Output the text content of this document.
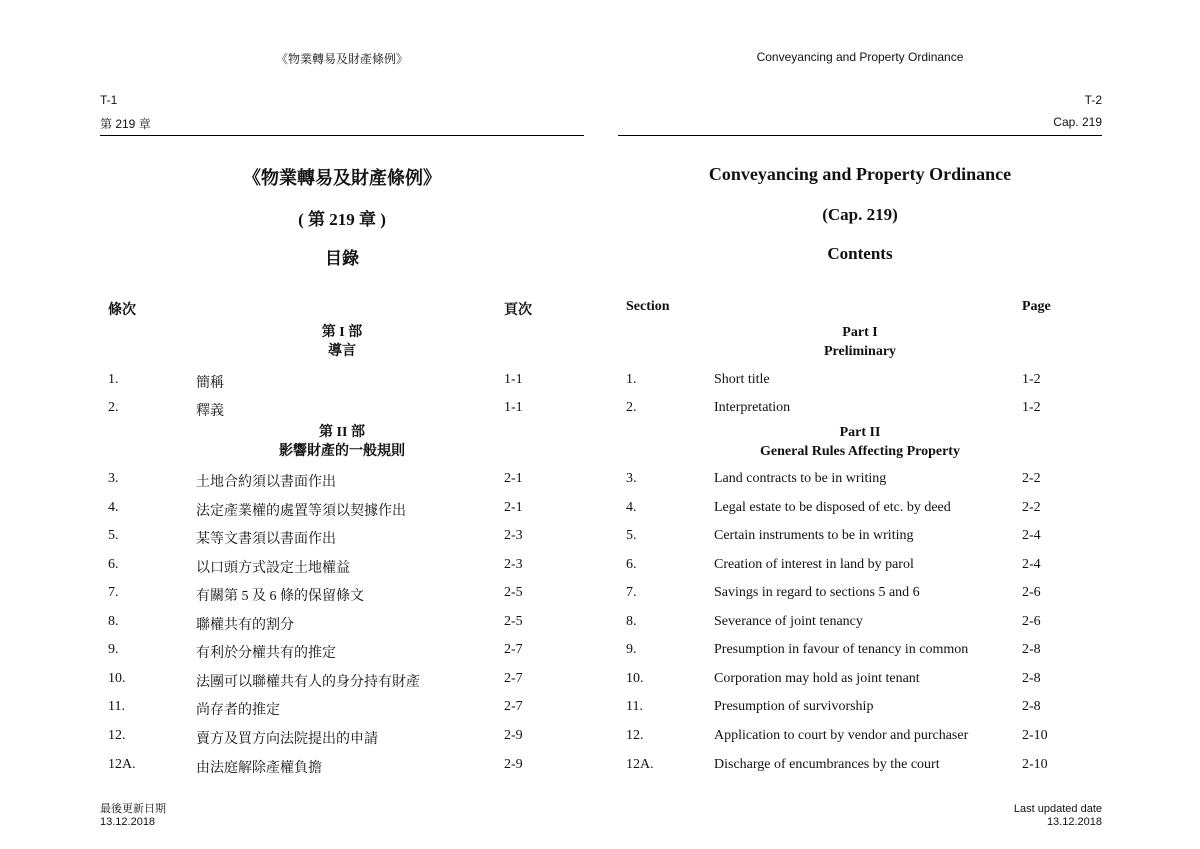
《物業轉易及財產條例》
T-1
第 219 章
《物業轉易及財產條例》
( 第 219 章 )
目錄
條次	頁次
第 I 部
導言
1.	簡稱	1-1
2.	釋義	1-1
第 II 部
影響財產的一般規則
3.	土地合約須以書面作出	2-1
4.	法定產業權的處置等須以契據作出	2-1
5.	某等文書須以書面作出	2-3
6.	以口頭方式設定土地權益	2-3
7.	有關第 5 及 6 條的保留條文	2-5
8.	聯權共有的割分	2-5
9.	有利於分權共有的推定	2-7
10.	法團可以聯權共有人的身分持有財產	2-7
11.	尚存者的推定	2-7
12.	賣方及買方向法院提出的申請	2-9
12A.	由法庭解除產權負擔	2-9
最後更新日期
13.12.2018
Conveyancing and Property Ordinance
T-2
Cap. 219
Conveyancing and Property Ordinance
(Cap. 219)
Contents
Section	Page
Part I
Preliminary
1.	Short title	1-2
2.	Interpretation	1-2
Part II
General Rules Affecting Property
3.	Land contracts to be in writing	2-2
4.	Legal estate to be disposed of etc. by deed	2-2
5.	Certain instruments to be in writing	2-4
6.	Creation of interest in land by parol	2-4
7.	Savings in regard to sections 5 and 6	2-6
8.	Severance of joint tenancy	2-6
9.	Presumption in favour of tenancy in common	2-8
10.	Corporation may hold as joint tenant	2-8
11.	Presumption of survivorship	2-8
12.	Application to court by vendor and purchaser	2-10
12A.	Discharge of encumbrances by the court	2-10
Last updated date
13.12.2018
